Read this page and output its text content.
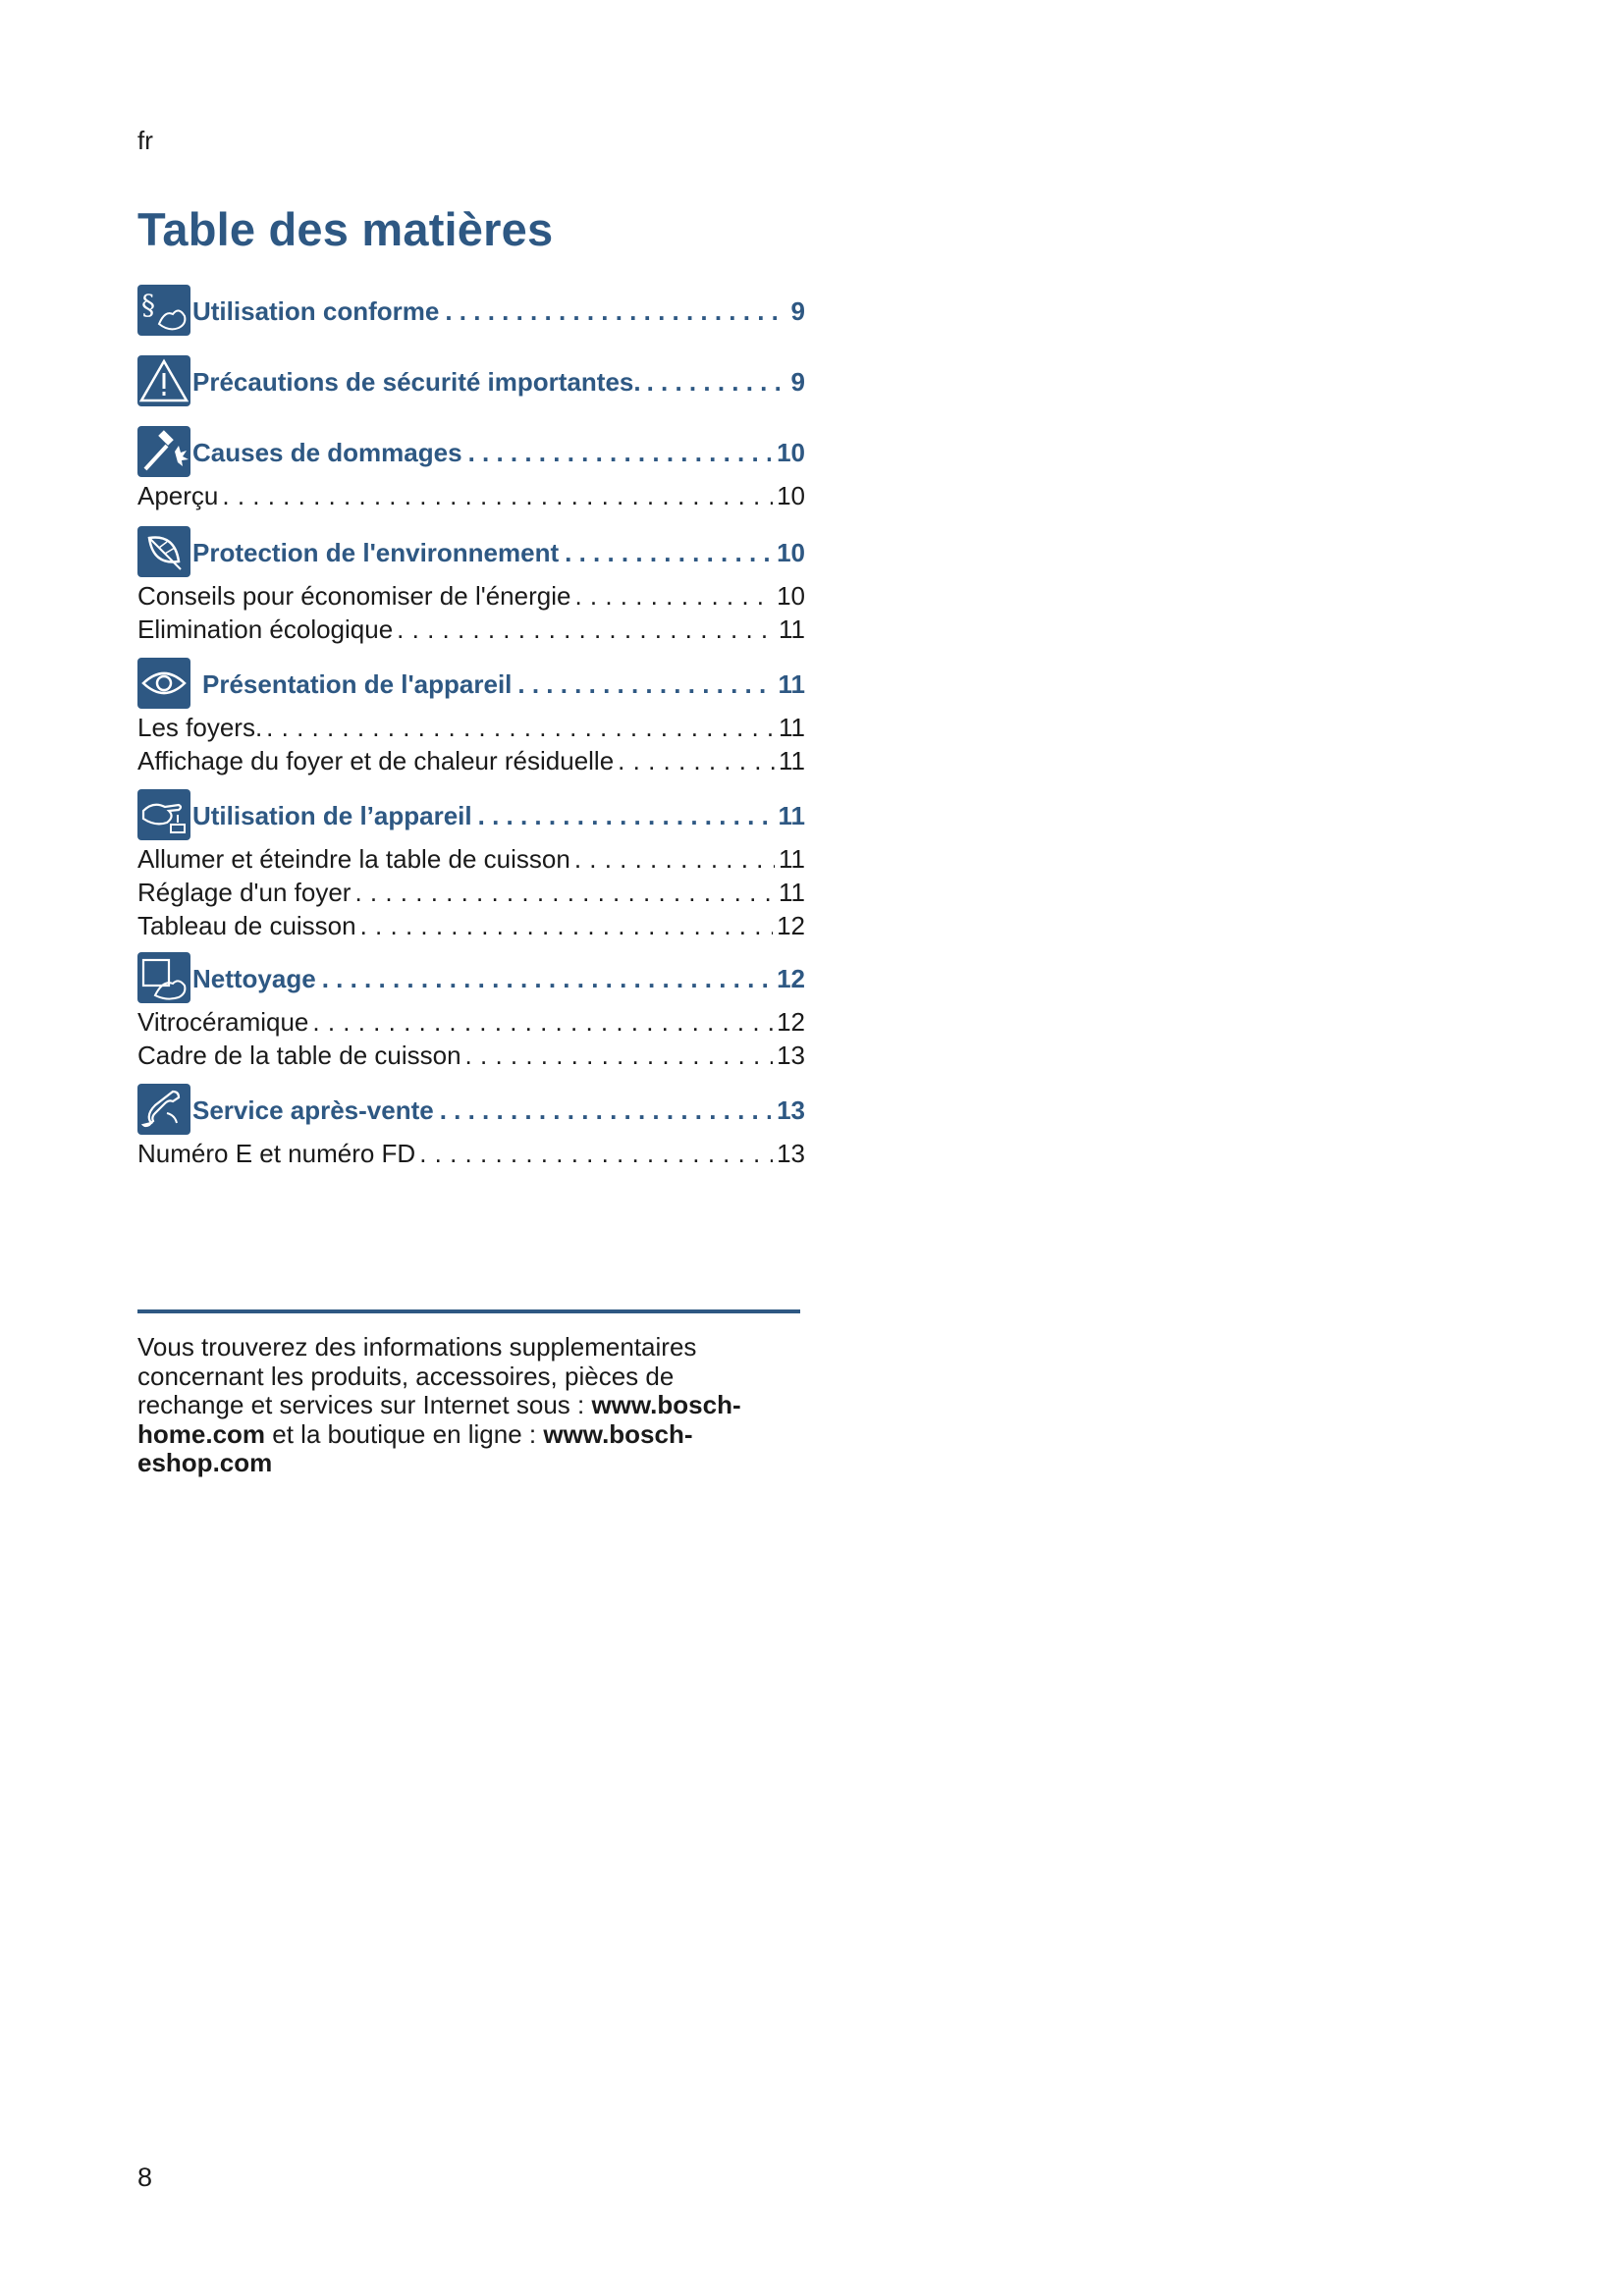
fr
Table des matières
§ Utilisation conforme . . .	9
Précautions de sécurité importantes. . . .	9
Causes de dommages . . .	10
Aperçu . . .	10
Protection de l'environnement . . .	10
Conseils pour économiser de l'énergie . . .	10
Elimination écologique . . .	11
Présentation de l'appareil . . .	11
Les foyers. . . .	11
Affichage du foyer et de chaleur résiduelle . . .	11
Utilisation de l’appareil . . .	11
Allumer et éteindre la table de cuisson . . .	11
Réglage d'un foyer . . .	11
Tableau de cuisson . . .	12
Nettoyage . . .	12
Vitrocéramique . . .	12
Cadre de la table de cuisson . . .	13
Service après-vente . . .	13
Numéro E et numéro FD . . .	13
Vous trouverez des informations supplementaires concernant les produits, accessoires, pièces de rechange et services sur Internet sous : www.bosch-home.com et la boutique en ligne : www.bosch-eshop.com
8
